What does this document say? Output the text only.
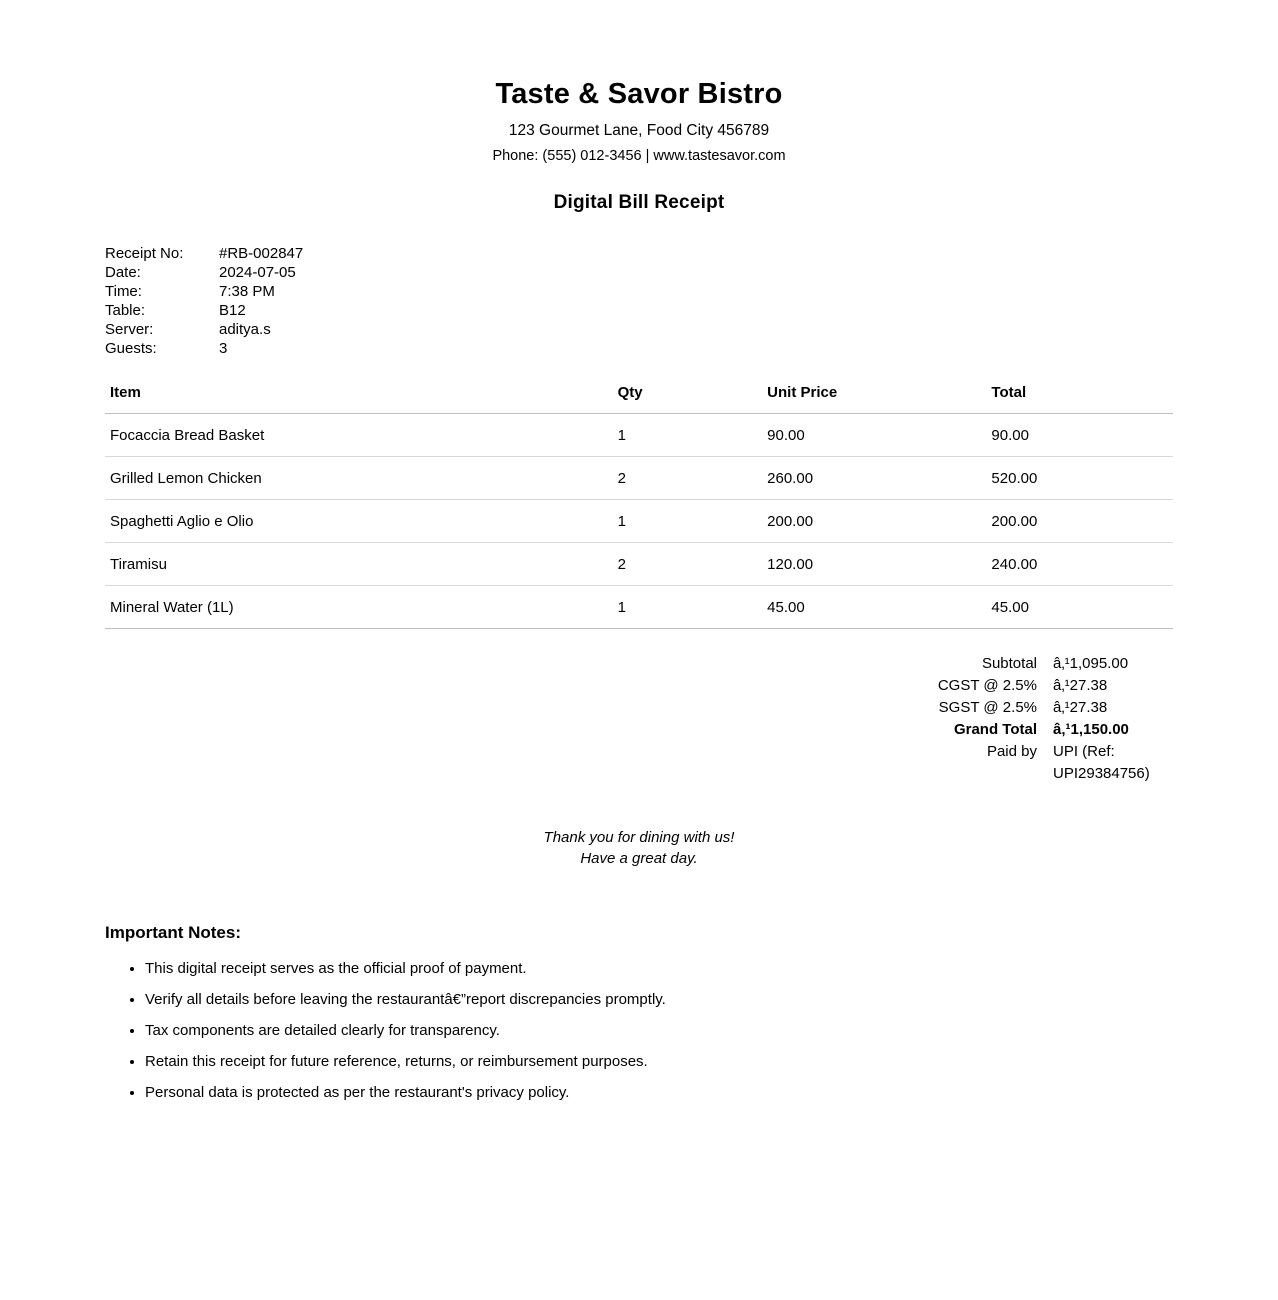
Taste & Savor Bistro
123 Gourmet Lane, Food City 456789
Phone: (555) 012-3456 | www.tastesavor.com
Digital Bill Receipt
Receipt No:	#RB-002847
Date:	2024-07-05
Time:	7:38 PM
Table:	B12
Server:	aditya.s
Guests:	3
Item	Qty	Unit Price	Total
Focaccia Bread Basket	1	90.00	90.00
Grilled Lemon Chicken	2	260.00	520.00
Spaghetti Aglio e Olio	1	200.00	200.00
Tiramisu	2	120.00	240.00
Mineral Water (1L)	1	45.00	45.00
Subtotal	â‚¹1,095.00
CGST @ 2.5%	â‚¹27.38
SGST @ 2.5%	â‚¹27.38
Grand Total	â‚¹1,150.00
Paid by	UPI (Ref: UPI29384756)
Thank you for dining with us!
Have a great day.
Important Notes:
• This digital receipt serves as the official proof of payment.
• Verify all details before leaving the restaurantâ€”report discrepancies promptly.
• Tax components are detailed clearly for transparency.
• Retain this receipt for future reference, returns, or reimbursement purposes.
• Personal data is protected as per the restaurant's privacy policy.
